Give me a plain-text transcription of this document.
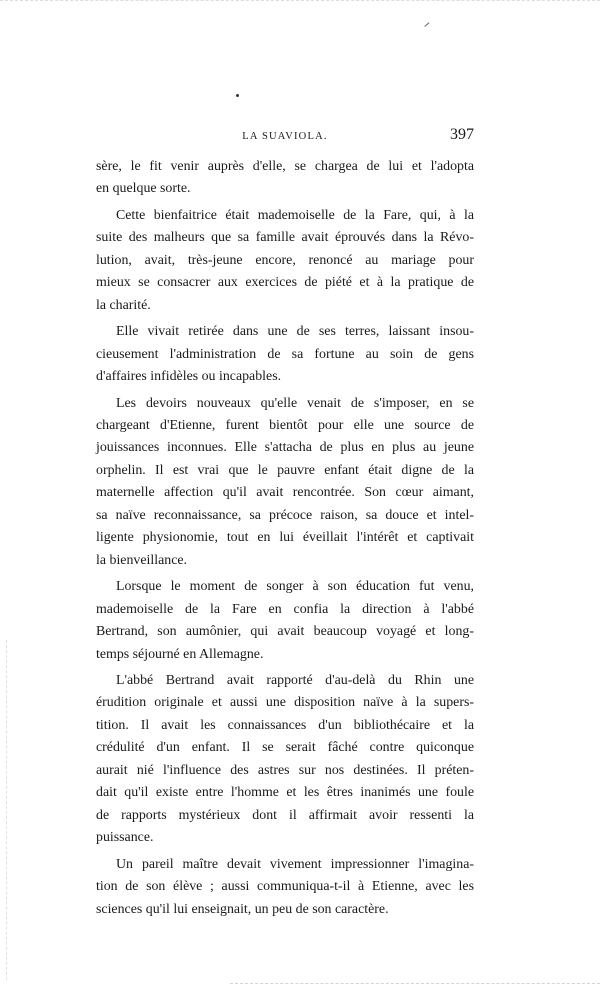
LA SUAVIOLA.	397

sère, le fit venir auprès d'elle, se chargea de lui et l'adopta
en quelque sorte.

Cette bienfaitrice était mademoiselle de la Fare, qui, à la
suite des malheurs que sa famille avait éprouvés dans la Révo-
lution, avait, très-jeune encore, renoncé au mariage pour
mieux se consacrer aux exercices de piété et à la pratique de
la charité.

Elle vivait retirée dans une de ses terres, laissant insou-
cieusement l'administration de sa fortune au soin de gens
d'affaires infidèles ou incapables.

Les devoirs nouveaux qu'elle venait de s'imposer, en se
chargeant d'Etienne, furent bientôt pour elle une source de
jouissances inconnues. Elle s'attacha de plus en plus au jeune
orphelin. Il est vrai que le pauvre enfant était digne de la
maternelle affection qu'il avait rencontrée. Son cœur aimant,
sa naïve reconnaissance, sa précoce raison, sa douce et intel-
ligente physionomie, tout en lui éveillait l'intérêt et captivait
la bienveillance.

Lorsque le moment de songer à son éducation fut venu,
mademoiselle de la Fare en confia la direction à l'abbé
Bertrand, son aumônier, qui avait beaucoup voyagé et long-
temps séjourné en Allemagne.

L'abbé Bertrand avait rapporté d'au-delà du Rhin une
érudition originale et aussi une disposition naïve à la supers-
tition. Il avait les connaissances d'un bibliothécaire et la
crédulité d'un enfant. Il se serait fâché contre quiconque
aurait nié l'influence des astres sur nos destinées. Il préten-
dait qu'il existe entre l'homme et les êtres inanimés une foule
de rapports mystérieux dont il affirmait avoir ressenti la
puissance.

Un pareil maître devait vivement impressionner l'imagina-
tion de son élève ; aussi communiqua-t-il à Etienne, avec les
sciences qu'il lui enseignait, un peu de son caractère.
